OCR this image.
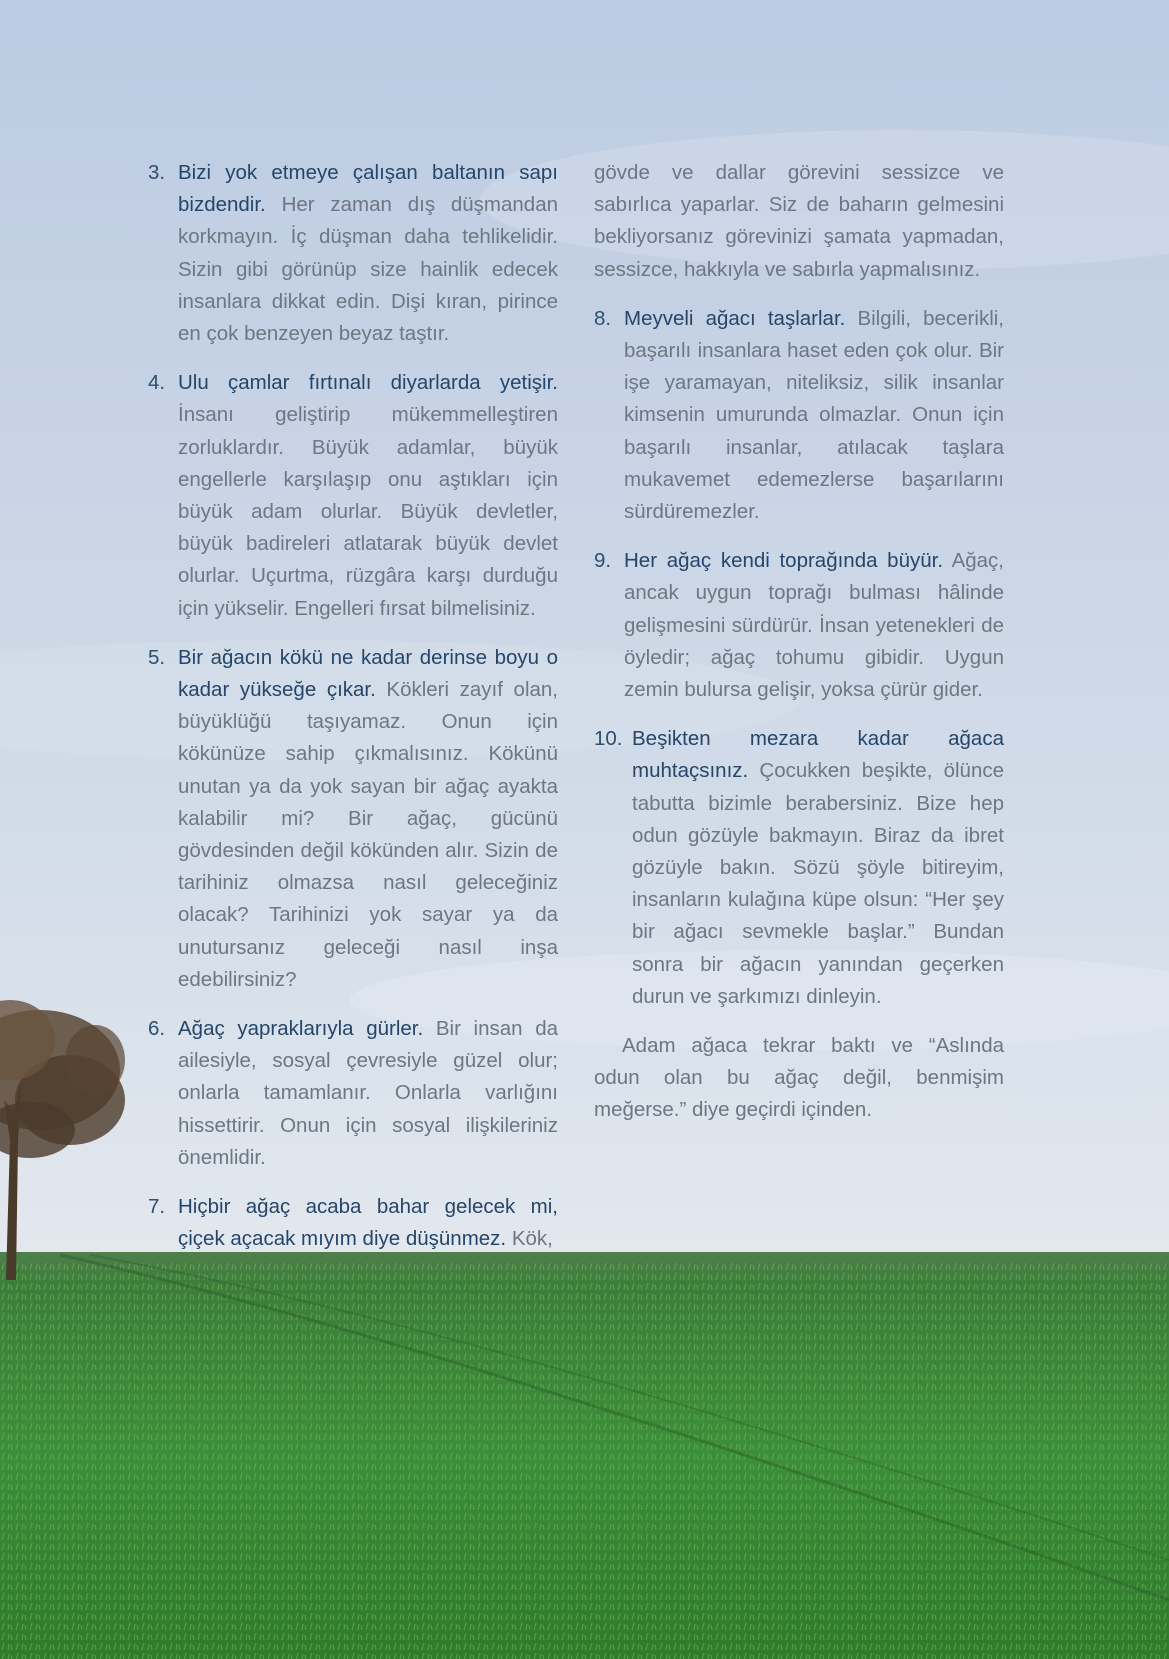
3. Bizi yok etmeye çalışan baltanın sapı bizdendir. Her zaman dış düşmandan korkmayın. İç düşman daha tehlikelidir. Sizin gibi görünüp size hainlik edecek insanlara dikkat edin. Dişi kıran, pirince en çok benzeyen beyaz taştır.
4. Ulu çamlar fırtınalı diyarlarda yetişir. İnsanı geliştirip mükemmelleştiren zorluklardır. Büyük adamlar, büyük engellerle karşılaşıp onu aştıkları için büyük adam olurlar. Büyük devletler, büyük badireleri atlatarak büyük devlet olurlar. Uçurtma, rüzgâra karşı durduğu için yükselir. Engelleri fırsat bilmelisiniz.
5. Bir ağacın kökü ne kadar derinse boyu o kadar yükseğe çıkar. Kökleri zayıf olan, büyüklüğü taşıyamaz. Onun için kökünüze sahip çıkmalısınız. Kökünü unutan ya da yok sayan bir ağaç ayakta kalabilir mi? Bir ağaç, gücünü gövdesinden değil kökünden alır. Sizin de tarihiniz olmazsa nasıl geleceğiniz olacak? Tarihinizi yok sayar ya da unutursanız geleceği nasıl inşa edebilirsiniz?
6. Ağaç yapraklarıyla gürler. Bir insan da ailesiyle, sosyal çevresiyle güzel olur; onlarla tamamlanır. Onlarla varlığını hissettirir. Onun için sosyal ilişkileriniz önemlidir.
7. Hiçbir ağaç acaba bahar gelecek mi, çiçek açacak mıyım diye düşünmez. Kök,
gövde ve dallar görevini sessizce ve sabırlıca yaparlar. Siz de baharın gelmesini bekliyorsanız görevinizi şamata yapmadan, sessizce, hakkıyla ve sabırla yapmalısınız.
8. Meyveli ağacı taşlarlar. Bilgili, becerikli, başarılı insanlara haset eden çok olur. Bir işe yaramayan, niteliksiz, silik insanlar kimsenin umurunda olmazlar. Onun için başarılı insanlar, atılacak taşlara mukavemet edemezlerse başarılarını sürdüremezler.
9. Her ağaç kendi toprağında büyür. Ağaç, ancak uygun toprağı bulması hâlinde gelişmesini sürdürür. İnsan yetenekleri de öyledir; ağaç tohumu gibidir. Uygun zemin bulursa gelişir, yoksa çürür gider.
10. Beşikten mezara kadar ağaca muhtaçsınız. Çocukken beşikte, ölünce tabutta bizimle berabersiniz. Bize hep odun gözüyle bakmayın. Biraz da ibret gözüyle bakın. Sözü şöyle bitireyim, insanların kulağına küpe olsun: “Her şey bir ağacı sevmekle başlar.” Bundan sonra bir ağacın yanından geçerken durun ve şarkımızı dinleyin.
Adam ağaca tekrar baktı ve “Aslında odun olan bu ağaç değil, benmişim meğerse.” diye geçirdi içinden.
